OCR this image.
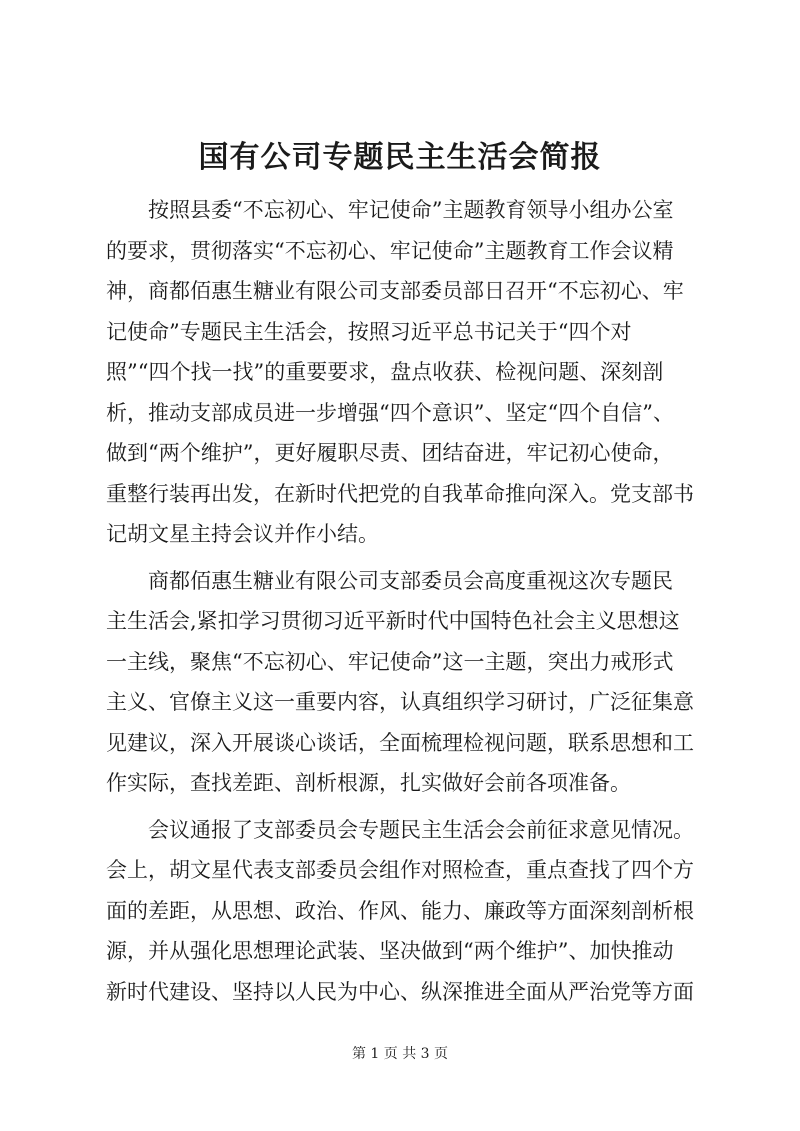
国有公司专题民主生活会简报
按照县委“不忘初心、牢记使命”主题教育领导小组办公室
的要求，贯彻落实“不忘初心、牢记使命”主题教育工作会议精
神，商都佰惠生糖业有限公司支部委员部日召开“不忘初心、牢
记使命”专题民主生活会，按照习近平总书记关于“四个对
照”“四个找一找”的重要要求，盘点收获、检视问题、深刻剖
析，推动支部成员进一步增强“四个意识”、坚定“四个自信”、
做到“两个维护”，更好履职尽责、团结奋进，牢记初心使命，
重整行装再出发，在新时代把党的自我革命推向深入。党支部书
记胡文星主持会议并作小结。
商都佰惠生糖业有限公司支部委员会高度重视这次专题民
主生活会,紧扣学习贯彻习近平新时代中国特色社会主义思想这
一主线，聚焦“不忘初心、牢记使命”这一主题，突出力戒形式
主义、官僚主义这一重要内容，认真组织学习研讨，广泛征集意
见建议，深入开展谈心谈话，全面梳理检视问题，联系思想和工
作实际，查找差距、剖析根源，扎实做好会前各项准备。
会议通报了支部委员会专题民主生活会会前征求意见情况。
会上，胡文星代表支部委员会组作对照检查，重点查找了四个方
面的差距，从思想、政治、作风、能力、廉政等方面深刻剖析根
源，并从强化思想理论武装、坚决做到“两个维护”、加快推动
新时代建设、坚持以人民为中心、纵深推进全面从严治党等方面
第 1 页 共 3 页
